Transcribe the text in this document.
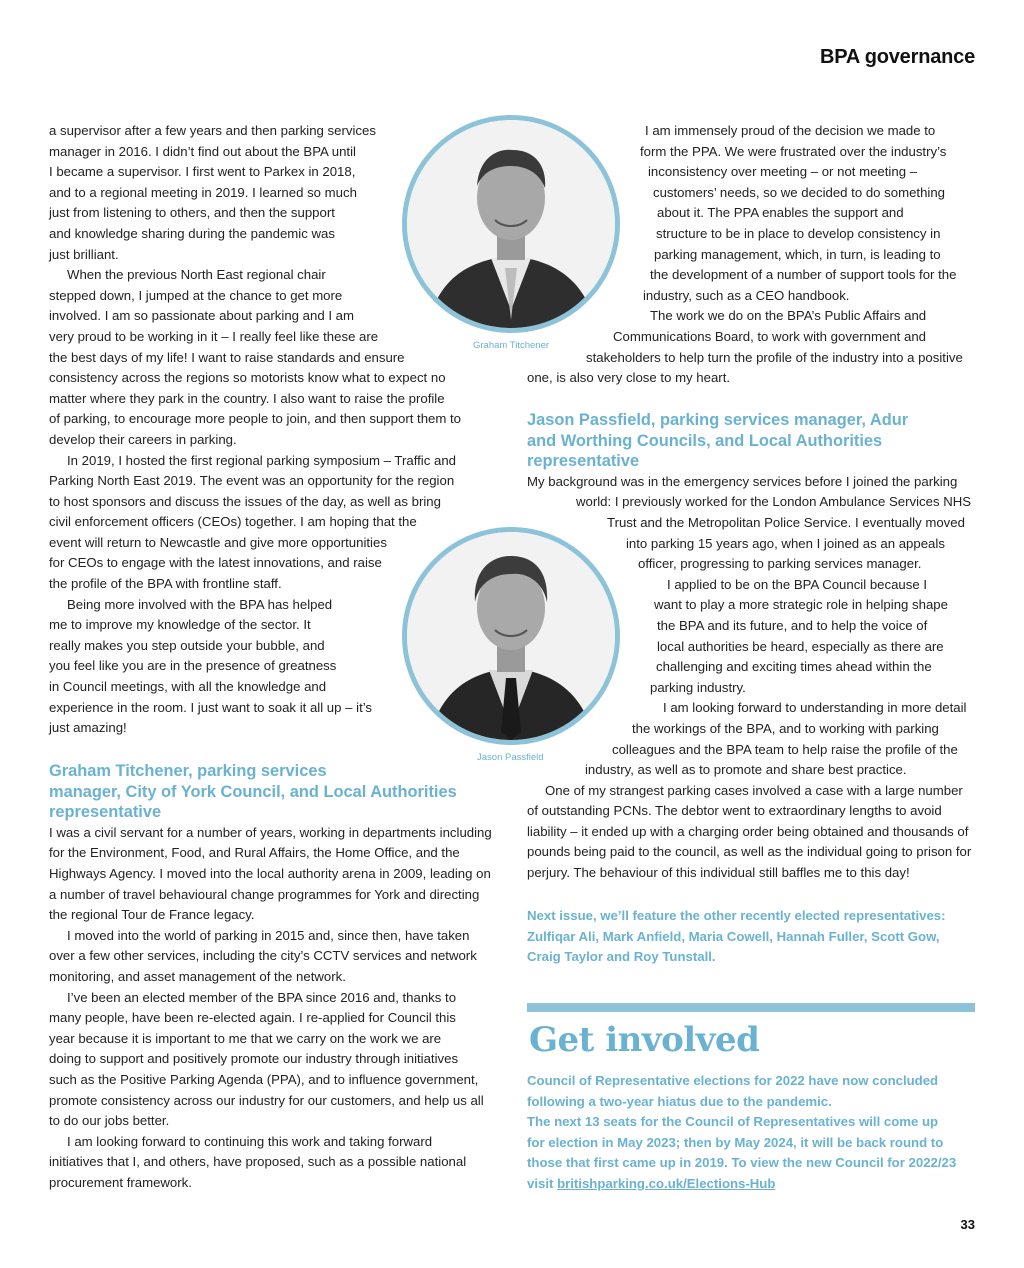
BPA governance

a supervisor after a few years and then parking services

manager in 2016. I didn’t find out about the BPA until

I became a supervisor. I first went to Parkex in 2018,

and to a regional meeting in 2019. I learned so much

just from listening to others, and then the support

and knowledge sharing during the pandemic was

just brilliant.

When the previous North East regional chair

stepped down, I jumped at the chance to get more

involved. I am so passionate about parking and I am

very proud to be working in it – I really feel like these are

the best days of my life! I want to raise standards and ensure

consistency across the regions so motorists know what to expect no

matter where they park in the country. I also want to raise the profile

of parking, to encourage more people to join, and then support them to

develop their careers in parking.

In 2019, I hosted the first regional parking symposium – Traffic and

Parking North East 2019. The event was an opportunity for the region

to host sponsors and discuss the issues of the day, as well as bring

civil enforcement officers (CEOs) together. I am hoping that the

event will return to Newcastle and give more opportunities

for CEOs to engage with the latest innovations, and raise

the profile of the BPA with frontline staff.

Being more involved with the BPA has helped

me to improve my knowledge of the sector. It

really makes you step outside your bubble, and

you feel like you are in the presence of greatness

in Council meetings, with all the knowledge and

experience in the room. I just want to soak it all up – it’s

just amazing!

Graham Titchener, parking services
manager, City of York Council, and Local Authorities
representative

I was a civil servant for a number of years, working in departments including

for the Environment, Food, and Rural Affairs, the Home Office, and the

Highways Agency. I moved into the local authority arena in 2009, leading on

a number of travel behavioural change programmes for York and directing

the regional Tour de France legacy.

I moved into the world of parking in 2015 and, since then, have taken

over a few other services, including the city’s CCTV services and network

monitoring, and asset management of the network.

I’ve been an elected member of the BPA since 2016 and, thanks to

many people, have been re-elected again. I re-applied for Council this

year because it is important to me that we carry on the work we are

doing to support and positively promote our industry through initiatives

such as the Positive Parking Agenda (PPA), and to influence government,

promote consistency across our industry for our customers, and help us all

to do our jobs better.

I am looking forward to continuing this work and taking forward

initiatives that I, and others, have proposed, such as a possible national

procurement framework.

I am immensely proud of the decision we made to

form the PPA. We were frustrated over the industry’s

inconsistency over meeting – or not meeting –

customers’ needs, so we decided to do something

about it. The PPA enables the support and

structure to be in place to develop consistency in

parking management, which, in turn, is leading to

the development of a number of support tools for the

industry, such as a CEO handbook.

The work we do on the BPA’s Public Affairs and

Communications Board, to work with government and

stakeholders to help turn the profile of the industry into a positive

one, is also very close to my heart.

Jason Passfield, parking services manager, Adur
and Worthing Councils, and Local Authorities
representative

My background was in the emergency services before I joined the parking

world: I previously worked for the London Ambulance Services NHS

Trust and the Metropolitan Police Service. I eventually moved

into parking 15 years ago, when I joined as an appeals

officer, progressing to parking services manager.

I applied to be on the BPA Council because I

want to play a more strategic role in helping shape

the BPA and its future, and to help the voice of

local authorities be heard, especially as there are

challenging and exciting times ahead within the

parking industry.

I am looking forward to understanding in more detail

the workings of the BPA, and to working with parking

colleagues and the BPA team to help raise the profile of the

industry, as well as to promote and share best practice.

One of my strangest parking cases involved a case with a large number

of outstanding PCNs. The debtor went to extraordinary lengths to avoid

liability – it ended up with a charging order being obtained and thousands of

pounds being paid to the council, as well as the individual going to prison for

perjury. The behaviour of this individual still baffles me to this day!

Next issue, we’ll feature the other recently elected representatives:

Zulfiqar Ali, Mark Anfield, Maria Cowell, Hannah Fuller, Scott Gow,

Craig Taylor and Roy Tunstall.

Graham Titchener
Jason Passfield
Get involved

Council of Representative elections for 2022 have now concluded

following a two-year hiatus due to the pandemic.

The next 13 seats for the Council of Representatives will come up

for election in May 2023; then by May 2024, it will be back round to

those that first came up in 2019. To view the new Council for 2022/23

visit britishparking.co.uk/Elections-Hub

33
